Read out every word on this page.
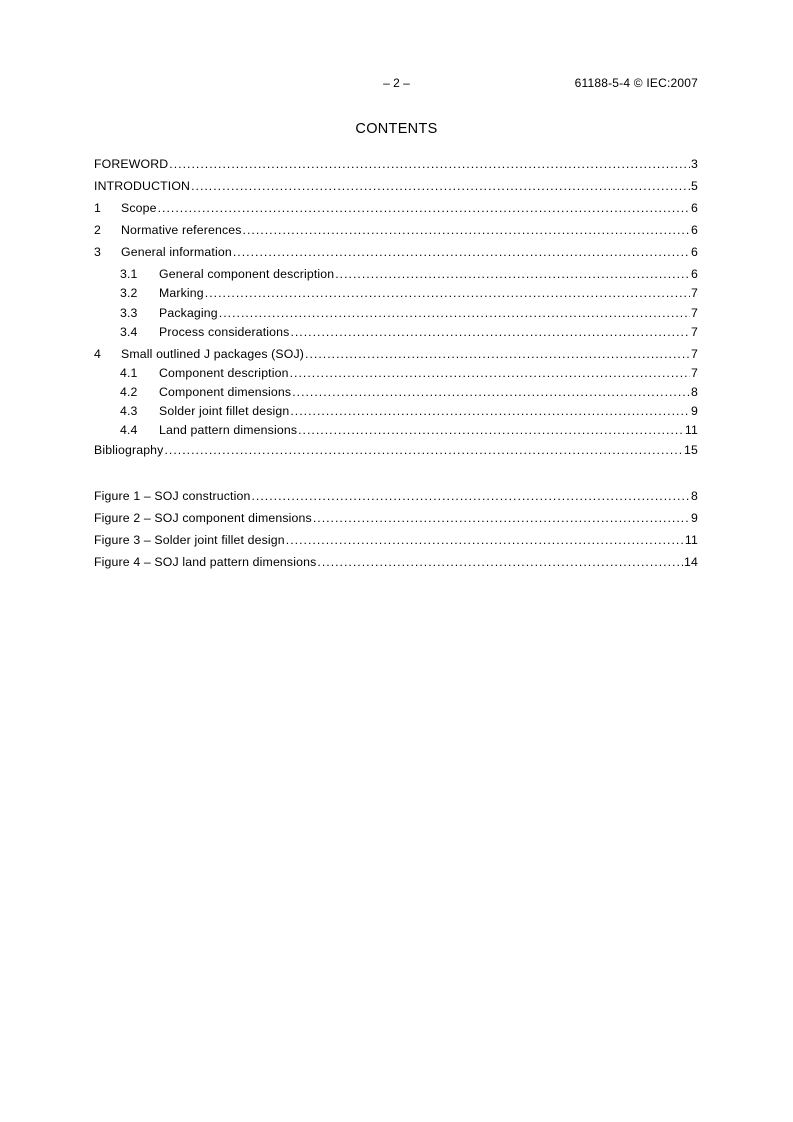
– 2 –	61188-5-4 © IEC:2007
CONTENTS
FOREWORD . . .	3
INTRODUCTION . . .	5
1	Scope . . .	6
2	Normative references . . .	6
3	General information . . .	6
3.1	General component description . . .	6
3.2	Marking . . .	7
3.3	Packaging . . .	7
3.4	Process considerations . . .	7
4	Small outlined J packages (SOJ) . . .	7
4.1	Component description . . .	7
4.2	Component dimensions . . .	8
4.3	Solder joint fillet design . . .	9
4.4	Land pattern dimensions . . .	11
Bibliography . . .	15
Figure 1 – SOJ construction . . .	8
Figure 2 – SOJ component dimensions . . .	9
Figure 3 – Solder joint fillet design . . .	11
Figure 4 – SOJ land pattern dimensions . . .	14
